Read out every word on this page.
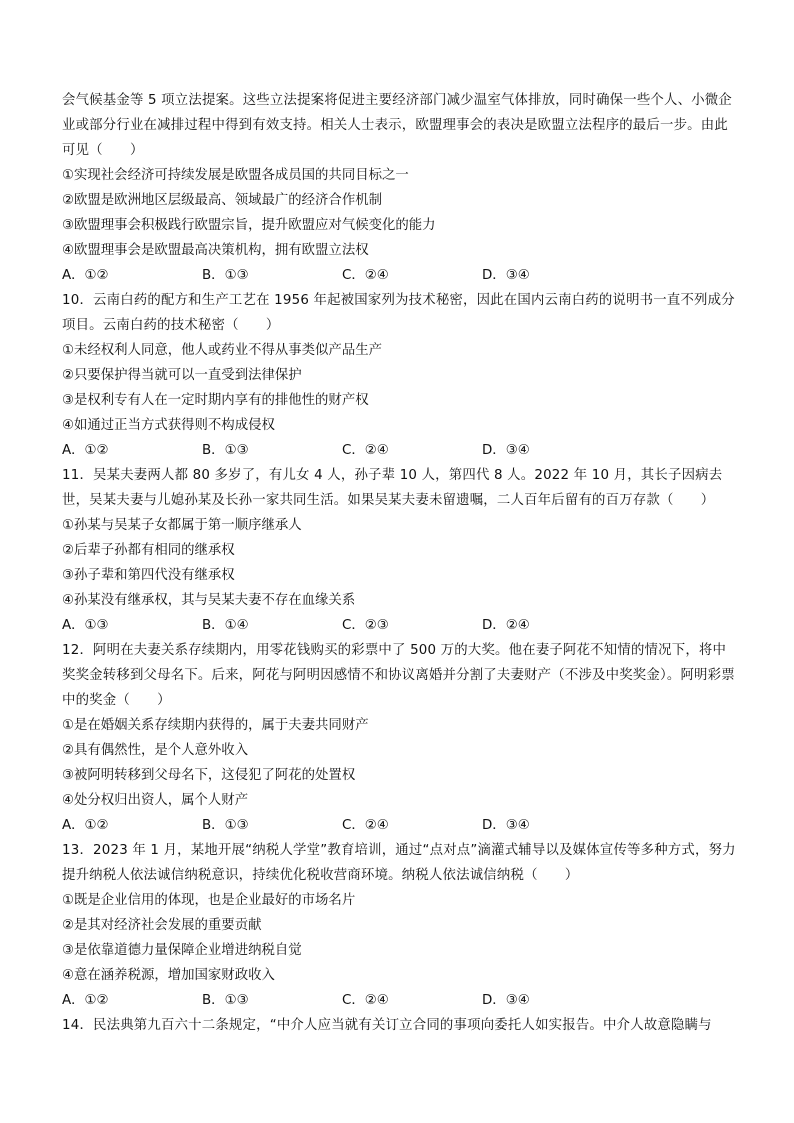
会气候基金等 5 项立法提案。这些立法提案将促进主要经济部门减少温室气体排放，同时确保一些个人、小微企业或部分行业在减排过程中得到有效支持。相关人士表示，欧盟理事会的表决是欧盟立法程序的最后一步。由此可见（　　）

①实现社会经济可持续发展是欧盟各成员国的共同目标之一

②欧盟是欧洲地区层级最高、领域最广的经济合作机制

③欧盟理事会积极践行欧盟宗旨，提升欧盟应对气候变化的能力

④欧盟理事会是欧盟最高决策机构，拥有欧盟立法权

A．①②	B．①③	C．②④	D．③④

10．云南白药的配方和生产工艺在 1956 年起被国家列为技术秘密，因此在国内云南白药的说明书一直不列成分项目。云南白药的技术秘密（　　）

①未经权利人同意，他人或药业不得从事类似产品生产

②只要保护得当就可以一直受到法律保护

③是权利专有人在一定时期内享有的排他性的财产权

④如通过正当方式获得则不构成侵权

A．①②	B．①③	C．②④	D．③④

11．吴某夫妻两人都 80 多岁了，有儿女 4 人，孙子辈 10 人，第四代 8 人。2022 年 10 月，其长子因病去世，吴某夫妻与儿媳孙某及长孙一家共同生活。如果吴某夫妻未留遗嘱，二人百年后留有的百万存款（　　）

①孙某与吴某子女都属于第一顺序继承人

②后辈子孙都有相同的继承权

③孙子辈和第四代没有继承权

④孙某没有继承权，其与吴某夫妻不存在血缘关系

A．①③	B．①④	C．②③	D．②④

12．阿明在夫妻关系存续期内，用零花钱购买的彩票中了 500 万的大奖。他在妻子阿花不知情的情况下，将中奖奖金转移到父母名下。后来，阿花与阿明因感情不和协议离婚并分割了夫妻财产（不涉及中奖奖金）。阿明彩票中的奖金（　　）

①是在婚姻关系存续期内获得的，属于夫妻共同财产

②具有偶然性，是个人意外收入

③被阿明转移到父母名下，这侵犯了阿花的处置权

④处分权归出资人，属个人财产

A．①②	B．①③	C．②④	D．③④

13．2023 年 1 月，某地开展“纳税人学堂”教育培训，通过“点对点”滴灌式辅导以及媒体宣传等多种方式，努力提升纳税人依法诚信纳税意识，持续优化税收营商环境。纳税人依法诚信纳税（　　）

①既是企业信用的体现，也是企业最好的市场名片

②是其对经济社会发展的重要贡献

③是依靠道德力量保障企业增进纳税自觉

④意在涵养税源，增加国家财政收入

A．①②	B．①③	C．②④	D．③④

14．民法典第九百六十二条规定，“中介人应当就有关订立合同的事项向委托人如实报告。中介人故意隐瞒与
